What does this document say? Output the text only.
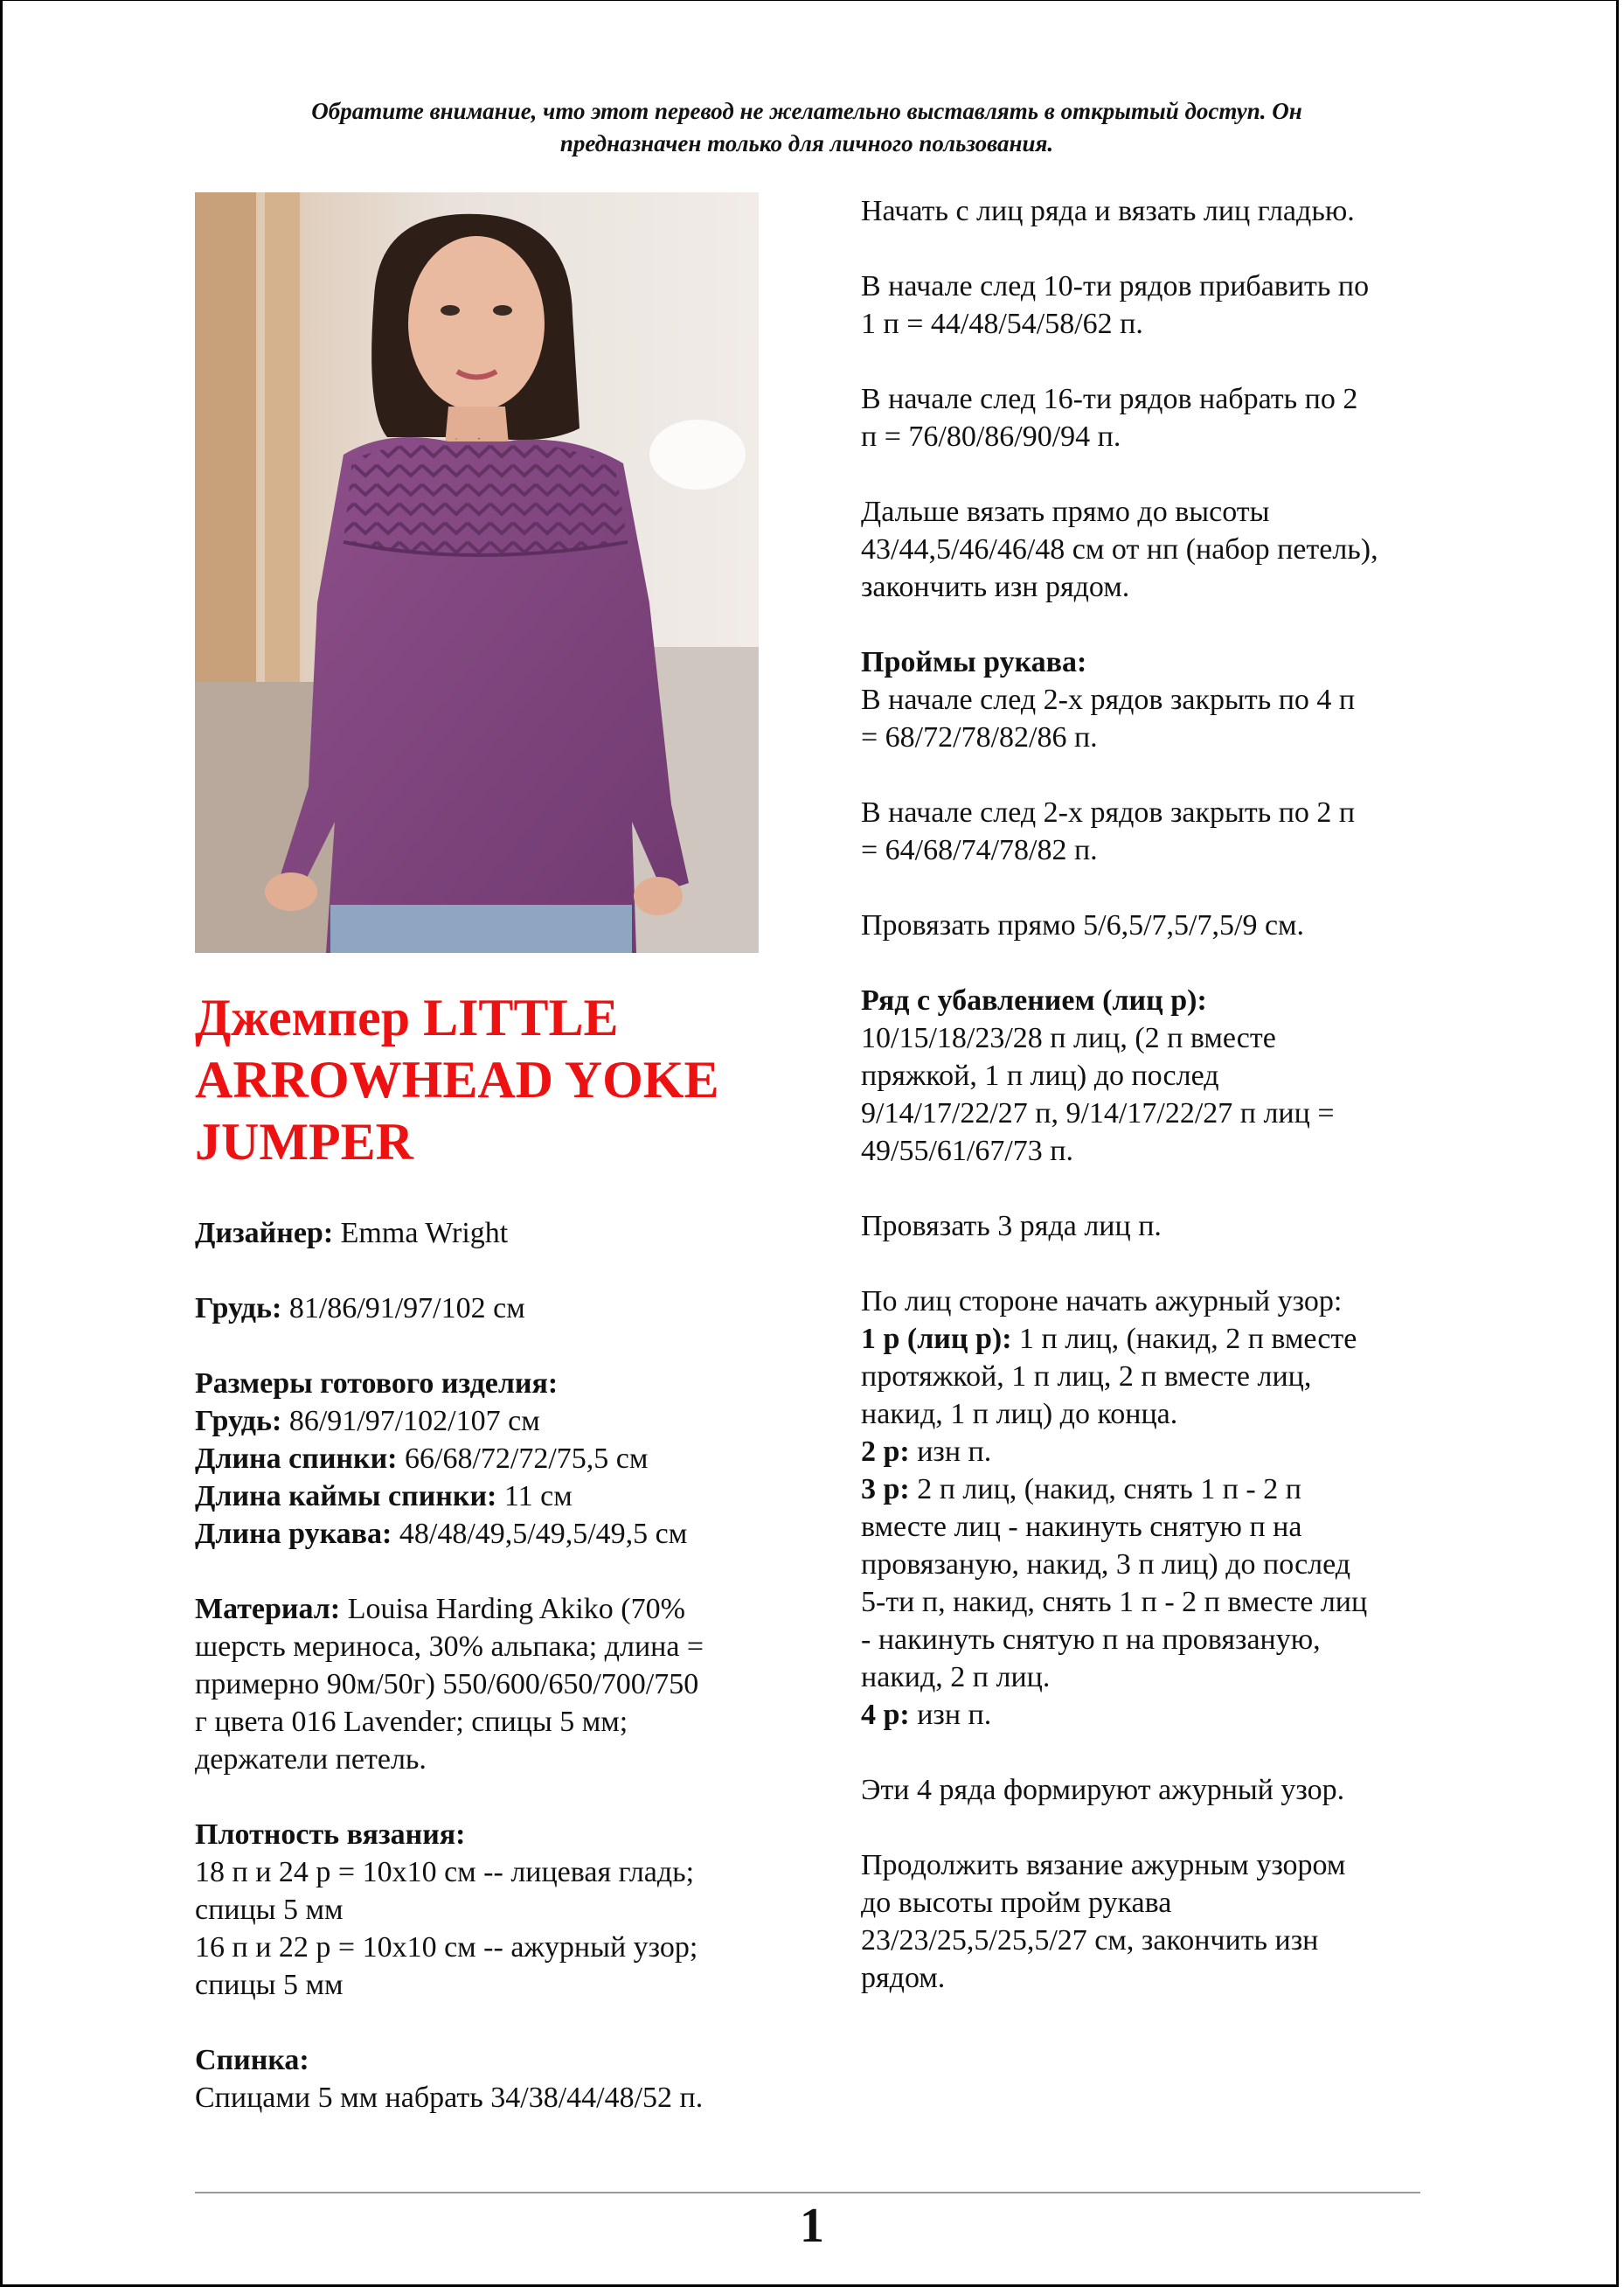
Обратите внимание, что этот перевод не желательно выставлять в открытый доступ. Он
предназначен только для личного пользования.
Джемпер LITTLE
ARROWHEAD YOKE
JUMPER
Дизайнер: Emma Wright
Грудь: 81/86/91/97/102 см
Размеры готового изделия:
Грудь: 86/91/97/102/107 см
Длина спинки: 66/68/72/72/75,5 см
Длина каймы спинки: 11 см
Длина рукава: 48/48/49,5/49,5/49,5 см
Материал: Louisa Harding Akiko (70%
шерсть мериноса, 30% альпака; длина =
примерно 90м/50г) 550/600/650/700/750
г цвета 016 Lavender; спицы 5 мм;
держатели петель.
Плотность вязания:
18 п и 24 р = 10х10 см -- лицевая гладь;
спицы 5 мм
16 п и 22 р = 10х10 см -- ажурный узор;
спицы 5 мм
Спинка:
Спицами 5 мм набрать 34/38/44/48/52 п.
Начать с лиц ряда и вязать лиц гладью.
В начале след 10-ти рядов прибавить по
1 п = 44/48/54/58/62 п.
В начале след 16-ти рядов набрать по 2
п = 76/80/86/90/94 п.
Дальше вязать прямо до высоты
43/44,5/46/46/48 см от нп (набор петель),
закончить изн рядом.
Проймы рукава:
В начале след 2-х рядов закрыть по 4 п
= 68/72/78/82/86 п.
В начале след 2-х рядов закрыть по 2 п
= 64/68/74/78/82 п.
Провязать прямо 5/6,5/7,5/7,5/9 см.
Ряд с убавлением (лиц р):
10/15/18/23/28 п лиц, (2 п вместе
пряжкой, 1 п лиц) до послед
9/14/17/22/27 п, 9/14/17/22/27 п лиц =
49/55/61/67/73 п.
Провязать 3 ряда лиц п.
По лиц стороне начать ажурный узор:
1 р (лиц р): 1 п лиц, (накид, 2 п вместе
протяжкой, 1 п лиц, 2 п вместе лиц,
накид, 1 п лиц) до конца.
2 р: изн п.
3 р: 2 п лиц, (накид, снять 1 п - 2 п
вместе лиц - накинуть снятую п на
провязаную, накид, 3 п лиц) до послед
5-ти п, накид, снять 1 п - 2 п вместе лиц
- накинуть снятую п на провязаную,
накид, 2 п лиц.
4 р: изн п.
Эти 4 ряда формируют ажурный узор.
Продолжить вязание ажурным узором
до высоты пройм рукава
23/23/25,5/25,5/27 см, закончить изн
рядом.
1
